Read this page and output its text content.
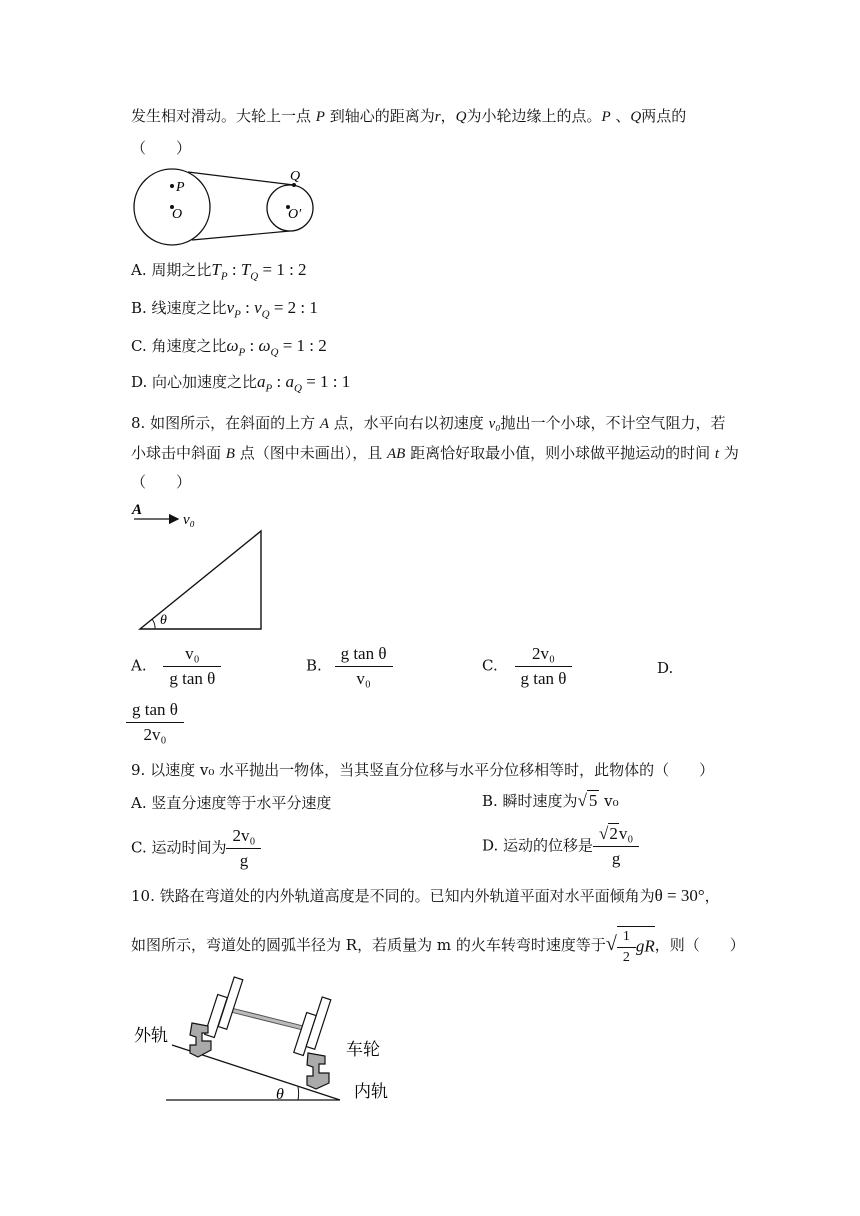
发生相对滑动。大轮上一点 P 到轴心的距离为r，Q为小轮边缘上的点。P 、Q两点的
（　　）
P
O
Q
O′
A. 周期之比$T_P$ : $T_Q = 1$ : 2
B. 线速度之比$v_P$ : $v_Q = 2$ : 1
C. 角速度之比$\omega_P$ : $\omega_Q = 1$ : 2
D. 向心加速度之比$a_P$ : $a_Q = 1$ : 1
8. 如图所示，在斜面的上方 A 点，水平向右以初速度 v₀抛出一个小球，不计空气阻力，若
小球击中斜面 B 点（图中未画出），且 AB 距离恰好取最小值，则小球做平抛运动的时间 t 为
（　　）
A
v₀
θ
A. $\frac{\text{v₀}}{\text{g tan θ}}$	B. $\frac{\text{g tan θ}}{\text{v₀}}$	C. $\frac{\text{2v₀}}{\text{g tan θ}}$	D.
$\frac{\text{g tan θ}}{\text{2v₀}}$
9. 以速度 v₀ 水平抛出一物体，当其竖直分位移与水平分位移相等时，此物体的（　　）
A. 竖直分速度等于水平分速度	B. 瞬时速度为√ 5 v₀
C. 运动时间为 $\frac{\text{2v₀}}{g}$	D. 运动的位移是 $\frac{\text{√2v₀}}{g}$
10. 铁路在弯道处的内外轨道高度是不同的。已知内外轨道平面对水平面倾角为θ = 30°，
如图所示，弯道处的圆弧半径为 R，若质量为 m 的火车转弯时速度等于√ $\frac{1}{2}$ gR，则（　　）
θ
外轨
车轮
内轨
